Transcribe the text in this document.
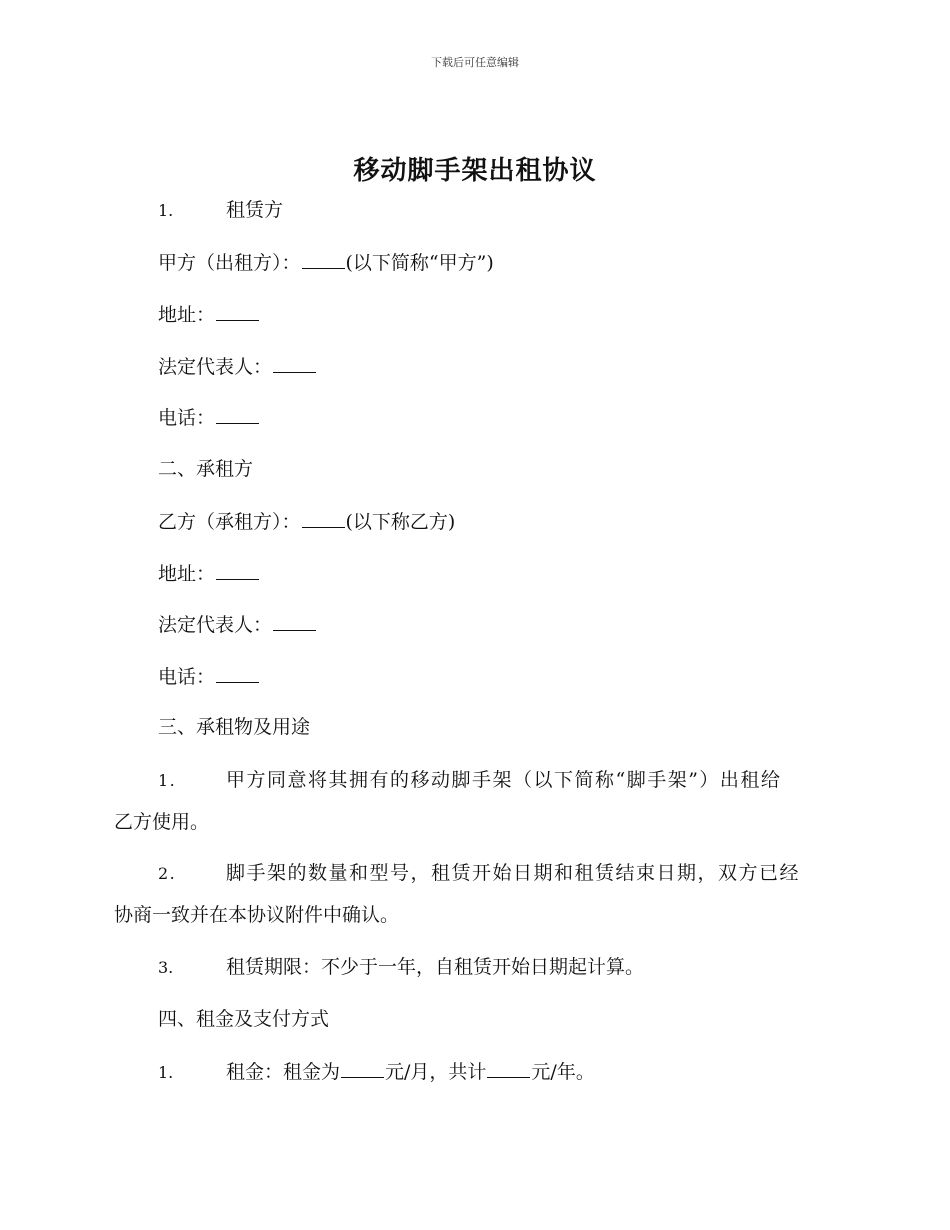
下载后可任意编辑
移动脚手架出租协议
1.	租赁方
甲方（出租方）： (以下简称“甲方”)
地址：
法定代表人：
电话：
二、承租方
乙方（承租方）： (以下称乙方)
地址：
法定代表人：
电话：
三、承租物及用途
1.	甲方同意将其拥有的移动脚手架（以下简称“脚手架”）出租给
乙方使用。
2.	脚手架的数量和型号，租赁开始日期和租赁结束日期，双方已经
协商一致并在本协议附件中确认。
3.	租赁期限：不少于一年，自租赁开始日期起计算。
四、租金及支付方式
1.	租金：租金为 元/月，共计 元/年。
